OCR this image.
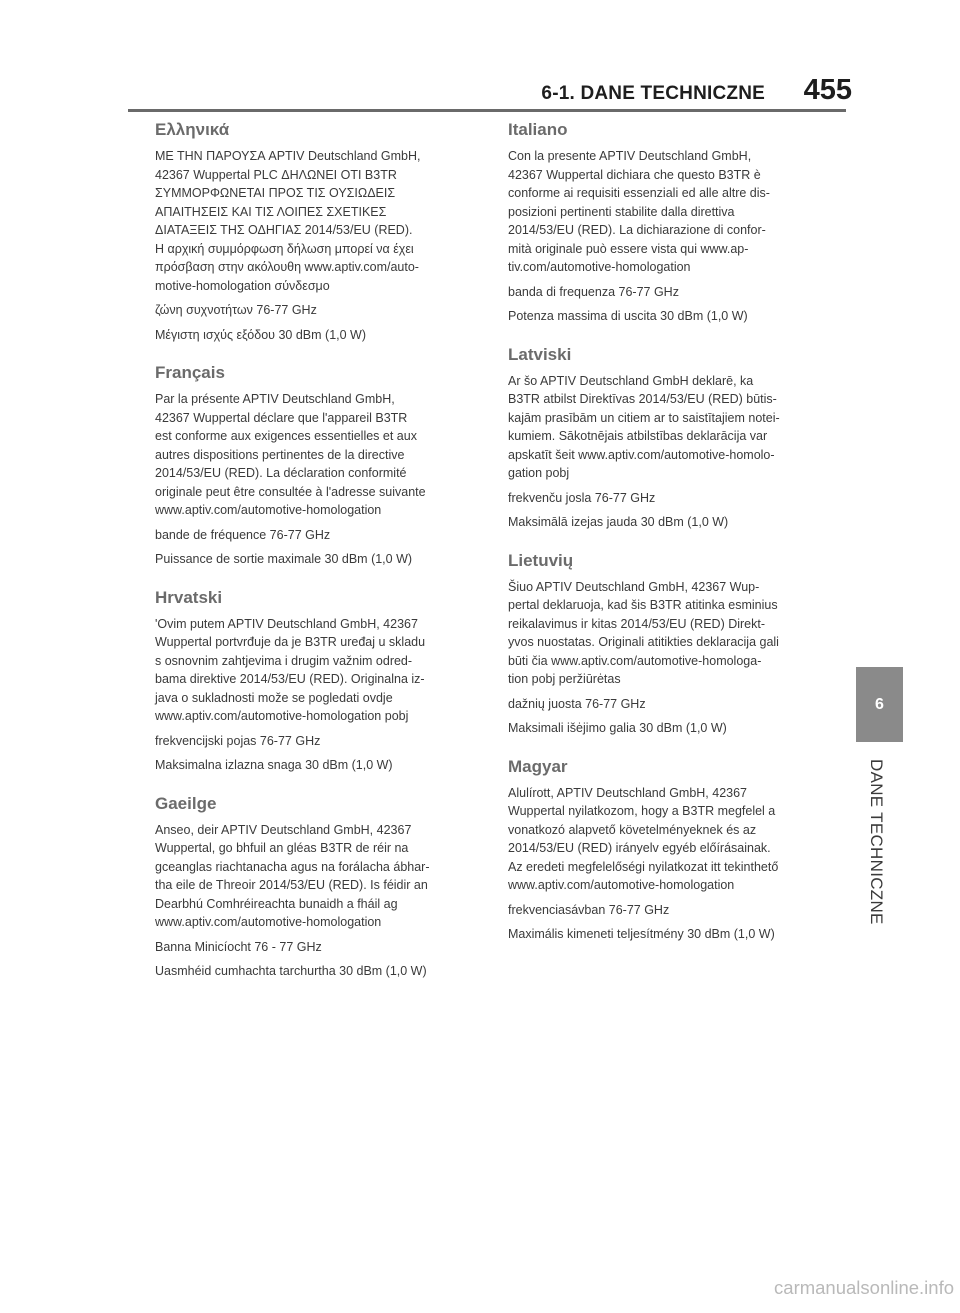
6-1. DANE TECHNICZNE 455
Ελληνικά
ΜΕ ΤΗΝ ΠΑΡΟΥΣΑ APTIV Deutschland GmbH,
42367 Wuppertal PLC ΔΗΛΩΝΕΙ ΟΤΙ B3TR
ΣΥΜΜΟΡΦΩΝΕΤΑΙ ΠΡΟΣ ΤΙΣ ΟΥΣΙΩΔΕΙΣ
ΑΠΑΙΤΗΣΕΙΣ ΚΑΙ ΤΙΣ ΛΟΙΠΕΣ ΣΧΕΤΙΚΕΣ
ΔΙΑΤΑΞΕΙΣ ΤΗΣ ΟΔΗΓΙΑΣ 2014/53/EU (RED).
Η αρχική συμμόρφωση δήλωση μπορεί να έχει
πρόσβαση στην ακόλουθη www.aptiv.com/auto-
motive-homologation σύνδεσμο
ζώνη συχνοτήτων 76-77 GHz
Μέγιστη ισχύς εξόδου 30 dBm (1,0 W)
Français
Par la présente APTIV Deutschland GmbH,
42367 Wuppertal déclare que l'appareil B3TR
est conforme aux exigences essentielles et aux
autres dispositions pertinentes de la directive
2014/53/EU (RED). La déclaration conformité
originale peut être consultée à l'adresse suivante
www.aptiv.com/automotive-homologation
bande de fréquence 76-77 GHz
Puissance de sortie maximale 30 dBm (1,0 W)
Hrvatski
'Ovim putem APTIV Deutschland GmbH, 42367
Wuppertal portvrđuje da je B3TR uređaj u skladu
s osnovnim zahtjevima i drugim važnim odred-
bama direktive 2014/53/EU (RED). Originalna iz-
java o sukladnosti može se pogledati ovdje
www.aptiv.com/automotive-homologation pobj
frekvencijski pojas 76-77 GHz
Maksimalna izlazna snaga 30 dBm (1,0 W)
Gaeilge
Anseo, deir APTIV Deutschland GmbH, 42367
Wuppertal, go bhfuil an gléas B3TR de réir na
gceanglas riachtanacha agus na forálacha ábhar-
tha eile de Threoir 2014/53/EU (RED). Is féidir an
Dearbhú Comhréireachta bunaidh a fháil ag
www.aptiv.com/automotive-homologation
Banna Minicíocht 76 - 77 GHz
Uasmhéid cumhachta tarchurtha 30 dBm (1,0 W)
Italiano
Con la presente APTIV Deutschland GmbH,
42367 Wuppertal dichiara che questo B3TR è
conforme ai requisiti essenziali ed alle altre dis-
posizioni pertinenti stabilite dalla direttiva
2014/53/EU (RED). La dichiarazione di confor-
mità originale può essere vista qui www.ap-
tiv.com/automotive-homologation
banda di frequenza 76-77 GHz
Potenza massima di uscita 30 dBm (1,0 W)
Latviski
Ar šo APTIV Deutschland GmbH deklarē, ka
B3TR atbilst Direktīvas 2014/53/EU (RED) būtis-
kajām prasībām un citiem ar to saistītajiem notei-
kumiem. Sākotnējais atbilstības deklarācija var
apskatīt šeit www.aptiv.com/automotive-homolo-
gation pobj
frekvenču josla 76-77 GHz
Maksimālā izejas jauda 30 dBm (1,0 W)
Lietuvių
Šiuo APTIV Deutschland GmbH, 42367 Wup-
pertal deklaruoja, kad šis B3TR atitinka esminius
reikalavimus ir kitas 2014/53/EU (RED) Direkt-
yvos nuostatas. Originali atitikties deklaracija gali
būti čia www.aptiv.com/automotive-homologa-
tion pobj peržiūrėtas
dažnių juosta 76-77 GHz
Maksimali išėjimo galia 30 dBm (1,0 W)
Magyar
Alulírott, APTIV Deutschland GmbH, 42367
Wuppertal nyilatkozom, hogy a B3TR megfelel a
vonatkozó alapvető követelményeknek és az
2014/53/EU (RED) irányelv egyéb előírásainak.
Az eredeti megfelelőségi nyilatkozat itt tekinthető
www.aptiv.com/automotive-homologation
frekvenciasávban 76-77 GHz
Maximális kimeneti teljesítmény 30 dBm (1,0 W)
6
DANE TECHNICZNE
carmanualsonline.info
